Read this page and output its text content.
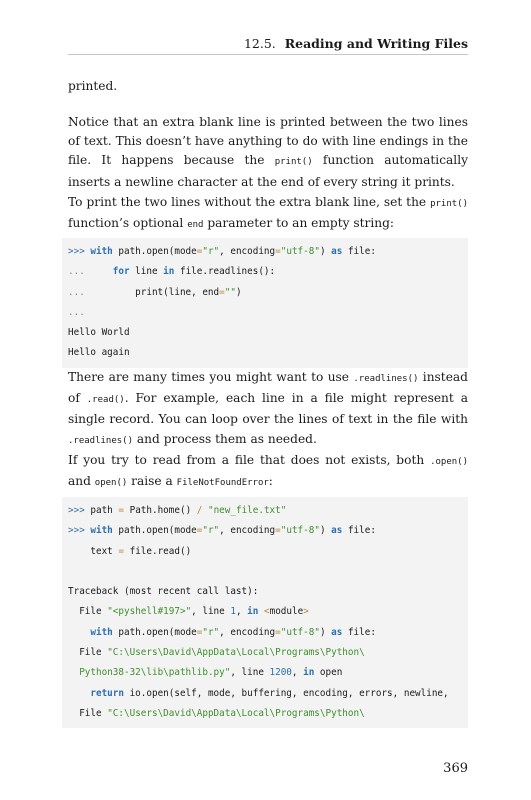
12.5. Reading and Writing Files
printed.
Notice that an extra blank line is printed between the two lines of text. This doesn’t have anything to do with line endings in the file. It happens because the print() function automatically inserts a newline character at the end of every string it prints.
To print the two lines without the extra blank line, set the print() function’s optional end parameter to an empty string:
>>> with path.open(mode="r", encoding="utf-8") as file:
...     for line in file.readlines():
...         print(line, end="")
...
Hello World
Hello again
There are many times you might want to use .readlines() instead of .read(). For example, each line in a file might represent a single record. You can loop over the lines of text in the file with .readlines() and process them as needed.
If you try to read from a file that does not exists, both .open() and open() raise a FileNotFoundError:
>>> path = Path.home() / "new_file.txt"
>>> with path.open(mode="r", encoding="utf-8") as file:
text = file.read()
Traceback (most recent call last):
File "<pyshell#197>", line 1, in <module>
with path.open(mode="r", encoding="utf-8") as file:
File "C:\Users\David\AppData\Local\Programs\Python\
Python38-32\lib\pathlib.py", line 1200, in open
return io.open(self, mode, buffering, encoding, errors, newline,
File "C:\Users\David\AppData\Local\Programs\Python\
369
